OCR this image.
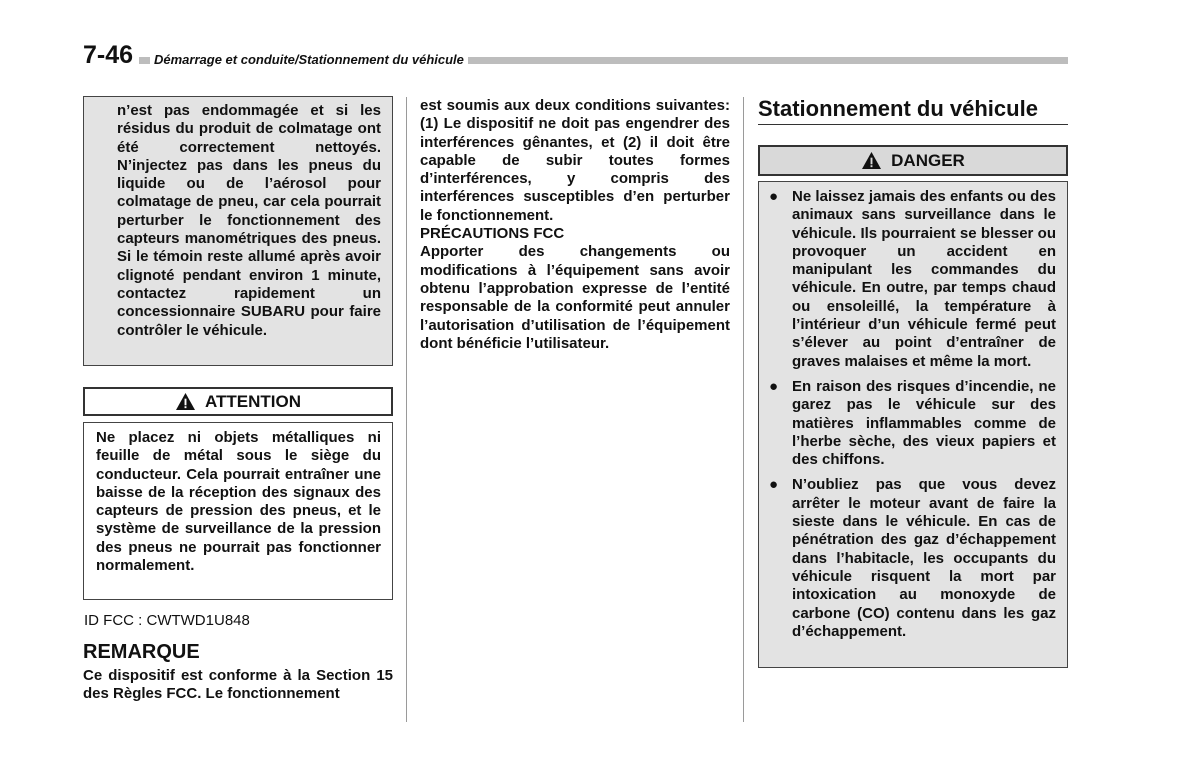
7-46	Démarrage et conduite/Stationnement du véhicule

n’est pas endommagée et si les résidus du produit de colmatage ont été correctement nettoyés. N’injectez pas dans les pneus du liquide ou de l’aérosol pour colmatage de pneu, car cela pourrait perturber le fonctionnement des capteurs manométriques des pneus. Si le témoin reste allumé après avoir clignoté pendant environ 1 minute, contactez rapidement un concessionnaire SUBARU pour faire contrôler le véhicule.

ATTENTION

Ne placez ni objets métalliques ni feuille de métal sous le siège du conducteur. Cela pourrait entraîner une baisse de la réception des signaux des capteurs de pression des pneus, et le système de surveillance de la pression des pneus ne pourrait pas fonctionner normalement.

ID FCC : CWTWD1U848
REMARQUE

Ce dispositif est conforme à la Section 15 des Règles FCC. Le fonctionnement

est soumis aux deux conditions suivantes: (1) Le dispositif ne doit pas engendrer des interférences gênantes, et (2) il doit être capable de subir toutes formes d’interférences, y compris des interférences susceptibles d’en perturber le fonctionnement.

PRÉCAUTIONS FCC

Apporter des changements ou modifications à l’équipement sans avoir obtenu l’approbation expresse de l’entité responsable de la conformité peut annuler l’autorisation d’utilisation de l’équipement dont bénéficie l’utilisateur.

Stationnement du véhicule
DANGER
● Ne laissez jamais des enfants ou des animaux sans surveillance dans le véhicule. Ils pourraient se blesser ou provoquer un accident en manipulant les commandes du véhicule. En outre, par temps chaud ou ensoleillé, la température à l’intérieur d’un véhicule fermé peut s’élever au point d’entraîner de graves malaises et même la mort.

● En raison des risques d’incendie, ne garez pas le véhicule sur des matières inflammables comme de l’herbe sèche, des vieux papiers et des chiffons.

● N’oubliez pas que vous devez arrêter le moteur avant de faire la sieste dans le véhicule. En cas de pénétration des gaz d’échappement dans l’habitacle, les occupants du véhicule risquent la mort par intoxication au monoxyde de carbone (CO) contenu dans les gaz d’échappement.
